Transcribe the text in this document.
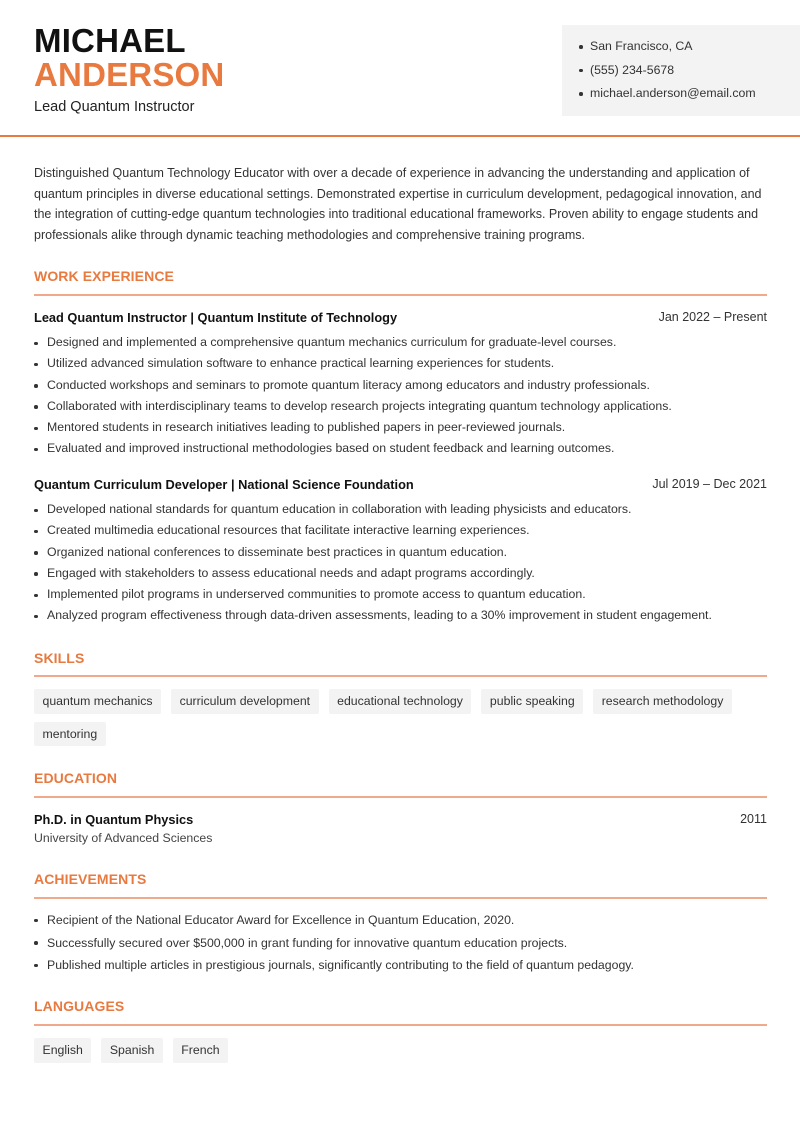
MICHAEL
ANDERSON
Lead Quantum Instructor
San Francisco, CA
(555) 234-5678
michael.anderson@email.com

Distinguished Quantum Technology Educator with over a decade of experience in advancing the understanding and application of quantum principles in diverse educational settings. Demonstrated expertise in curriculum development, pedagogical innovation, and the integration of cutting-edge quantum technologies into traditional educational frameworks. Proven ability to engage students and professionals alike through dynamic teaching methodologies and comprehensive training programs.

WORK EXPERIENCE
Lead Quantum Instructor | Quantum Institute of Technology	Jan 2022 – Present
Designed and implemented a comprehensive quantum mechanics curriculum for graduate-level courses.
Utilized advanced simulation software to enhance practical learning experiences for students.
Conducted workshops and seminars to promote quantum literacy among educators and industry professionals.
Collaborated with interdisciplinary teams to develop research projects integrating quantum technology applications.
Mentored students in research initiatives leading to published papers in peer-reviewed journals.
Evaluated and improved instructional methodologies based on student feedback and learning outcomes.
Quantum Curriculum Developer | National Science Foundation	Jul 2019 – Dec 2021
Developed national standards for quantum education in collaboration with leading physicists and educators.
Created multimedia educational resources that facilitate interactive learning experiences.
Organized national conferences to disseminate best practices in quantum education.
Engaged with stakeholders to assess educational needs and adapt programs accordingly.
Implemented pilot programs in underserved communities to promote access to quantum education.
Analyzed program effectiveness through data-driven assessments, leading to a 30% improvement in student engagement.
SKILLS
quantum mechanics	curriculum development	educational technology	public speaking	research methodology
mentoring
EDUCATION
Ph.D. in Quantum Physics	2011
University of Advanced Sciences
ACHIEVEMENTS
Recipient of the National Educator Award for Excellence in Quantum Education, 2020.
Successfully secured over $500,000 in grant funding for innovative quantum education projects.
Published multiple articles in prestigious journals, significantly contributing to the field of quantum pedagogy.
LANGUAGES
English	Spanish	French
